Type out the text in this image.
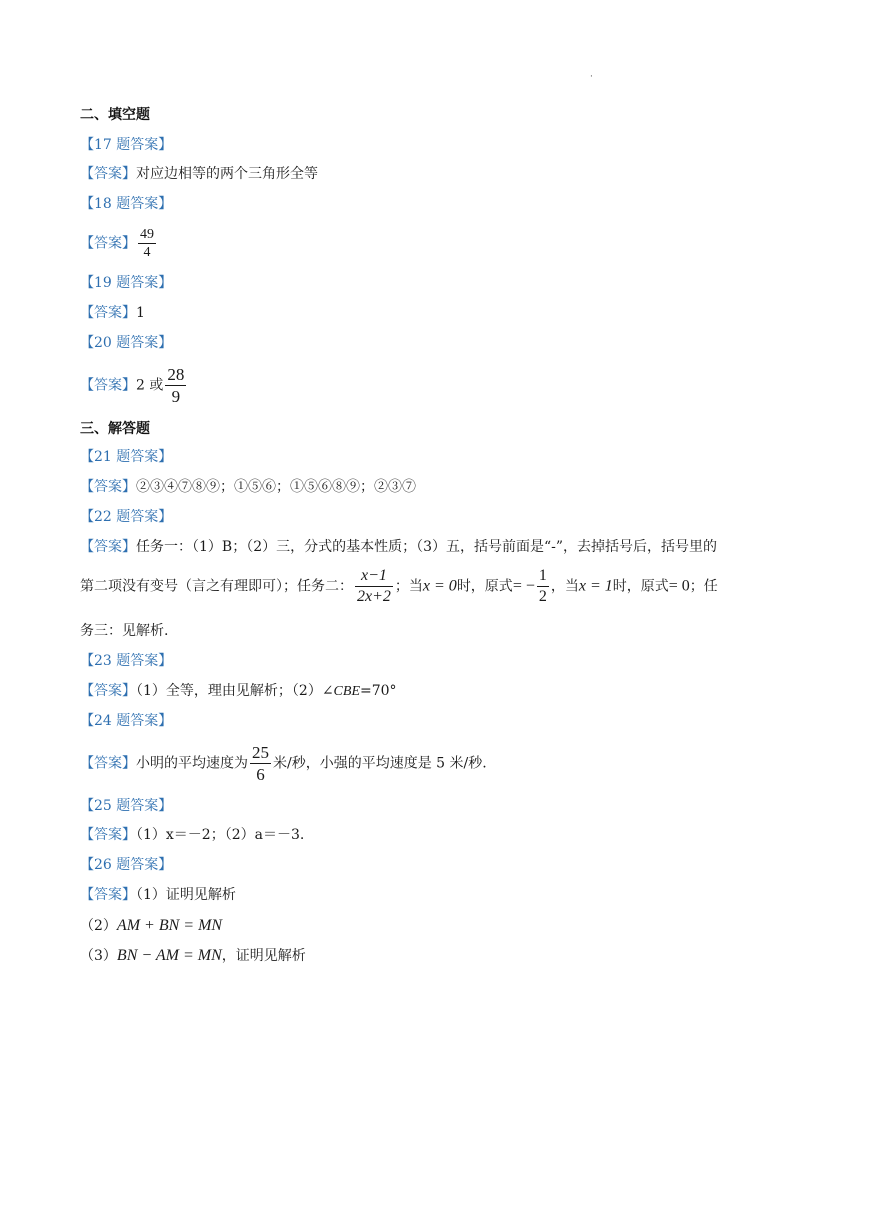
·
二、填空题
【17 题答案】
【答案】对应边相等的两个三角形全等
【18 题答案】
【答案】 $\frac{49}{4}$
【19 题答案】
【答案】1
【20 题答案】
【答案】2 或 $\frac{28}{9}$
三、解答题
【21 题答案】
【答案】②③④⑦⑧⑨；①⑤⑥；①⑤⑥⑧⑨；②③⑦
【22 题答案】
【答案】任务一：（1）B；（2）三，分式的基本性质；（3）五，括号前面是“-”，去掉括号后，括号里的
第二项没有变号（言之有理即可）；任务二： $\frac{x-1}{2x+2}$ ；当x = 0时，原式= − $\frac{1}{2}$ ，当x = 1时，原式= 0；任
务三：见解析.
【23 题答案】
【答案】（1）全等，理由见解析；（2）∠CBE=70°
【24 题答案】
【答案】小明的平均速度为 $\frac{25}{6}$ 米/秒，小强的平均速度是 5 米/秒.
【25 题答案】
【答案】（1）x＝－2；（2）a＝－3.
【26 题答案】
【答案】（1）证明见解析
（2）AM + BN = MN
（3）BN − AM = MN，证明见解析
